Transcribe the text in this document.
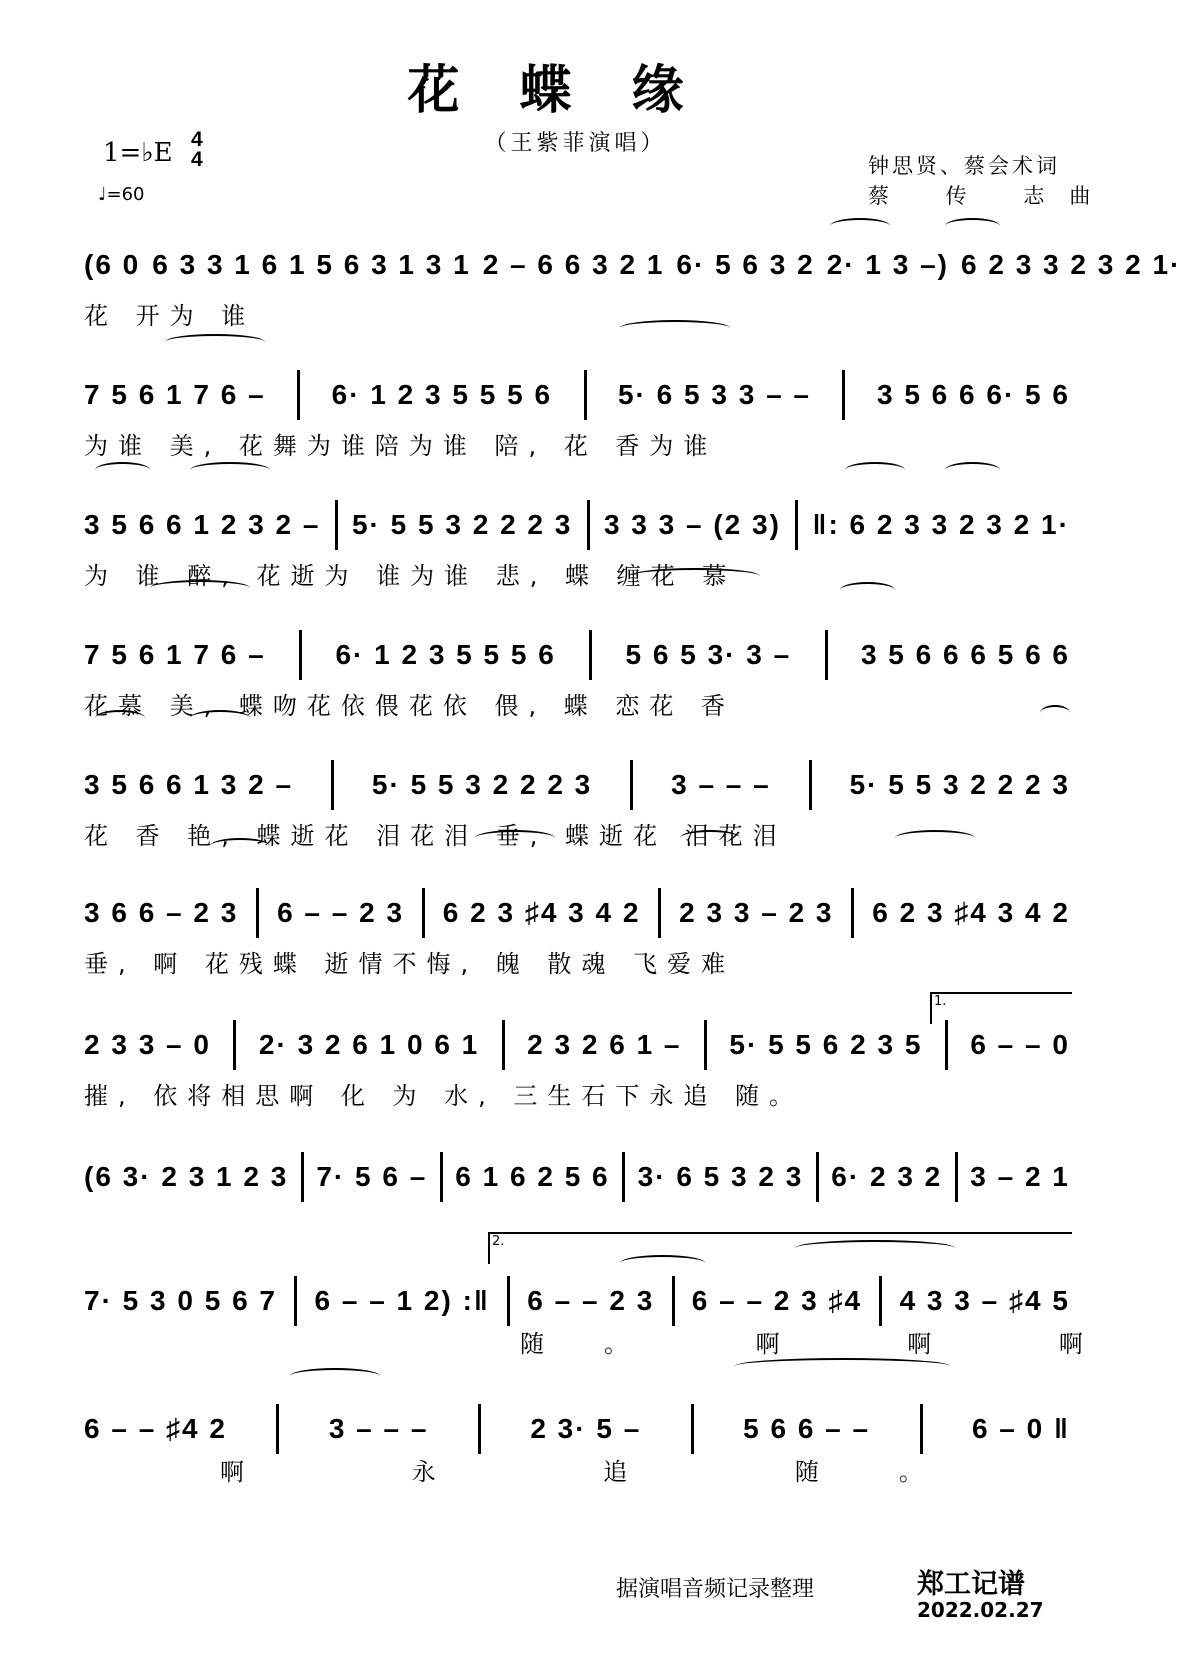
花蝶缘
（王紫菲演唱）
1=♭E 4
4
♩=60
钟思贤、蔡会术词
蔡 传 志曲
(6 0 6 3 3 1 6 1 5 6 3 1 3 1 2 – 6 6 3 2 1 6· 5 6 3 2 2· 1 3 –) 6 2 3 3 2 3 2 1·
花 开为 谁
7 5 6 1 7 6 – 6· 1 2 3 5 5 5 6 5· 6 5 3 3 – – 3 5 6 6 6· 5 6
为谁 美, 花舞为谁陪为谁 陪, 花 香为谁
3 5 6 6 1 2 3 2 – 5· 5 5 3 2 2 2 3 3 3 3 – (2 3) ‖: 6 2 3 3 2 3 2 1·
为 谁 醉, 花逝为 谁为谁 悲, 蝶 缠花 慕
7 5 6 1 7 6 – 6· 1 2 3 5 5 5 6 5 6 5 3· 3 – 3 5 6 6 6 5 6 6
花慕 美, 蝶吻花依偎花依 偎, 蝶 恋花 香
3 5 6 6 1 3 2 –	5· 5 5 3 2 2 2 3	3 – – –	5· 5 5 3 2 2 2 3
花 香 艳, 蝶逝花 泪花泪 垂, 蝶逝花 泪花泪
3 6 6 – 2 3 6 – – 2 3 6 2 3 ♯4 3 4 2 2 3 3 – 2 3 6 2 3 ♯4 3 4 2
垂, 啊 花残蝶 逝情不悔, 魄 散魂 飞爱难
2 3 3 – 0 2· 3 2 6 1 0 6 1 2 3 2 6 1 – 5· 5 5 6 2 3 5 6 – – 0
摧, 依将相思啊 化 为 水, 三生石下永追 随。
(6 3· 2 3 1 2 3 7· 5 6 – 6 1 6 2 5 6 3· 6 5 3 2 3 6· 2 3 2 3 – 2 1
7· 5 3 0 5 6 7 6 – – 1 2) :‖ 6 – – 2 3 6 – – 2 3 ♯4 4 3 3 – ♯4 5
随。 啊 啊 啊
6 – – ♯4 2	3 – – –	2 3· 5 –	5 6 6 – –	6 – 0 ‖
啊 永 追 随。
1.
2.
据演唱音频记录整理	郑工记谱
2022.02.27
